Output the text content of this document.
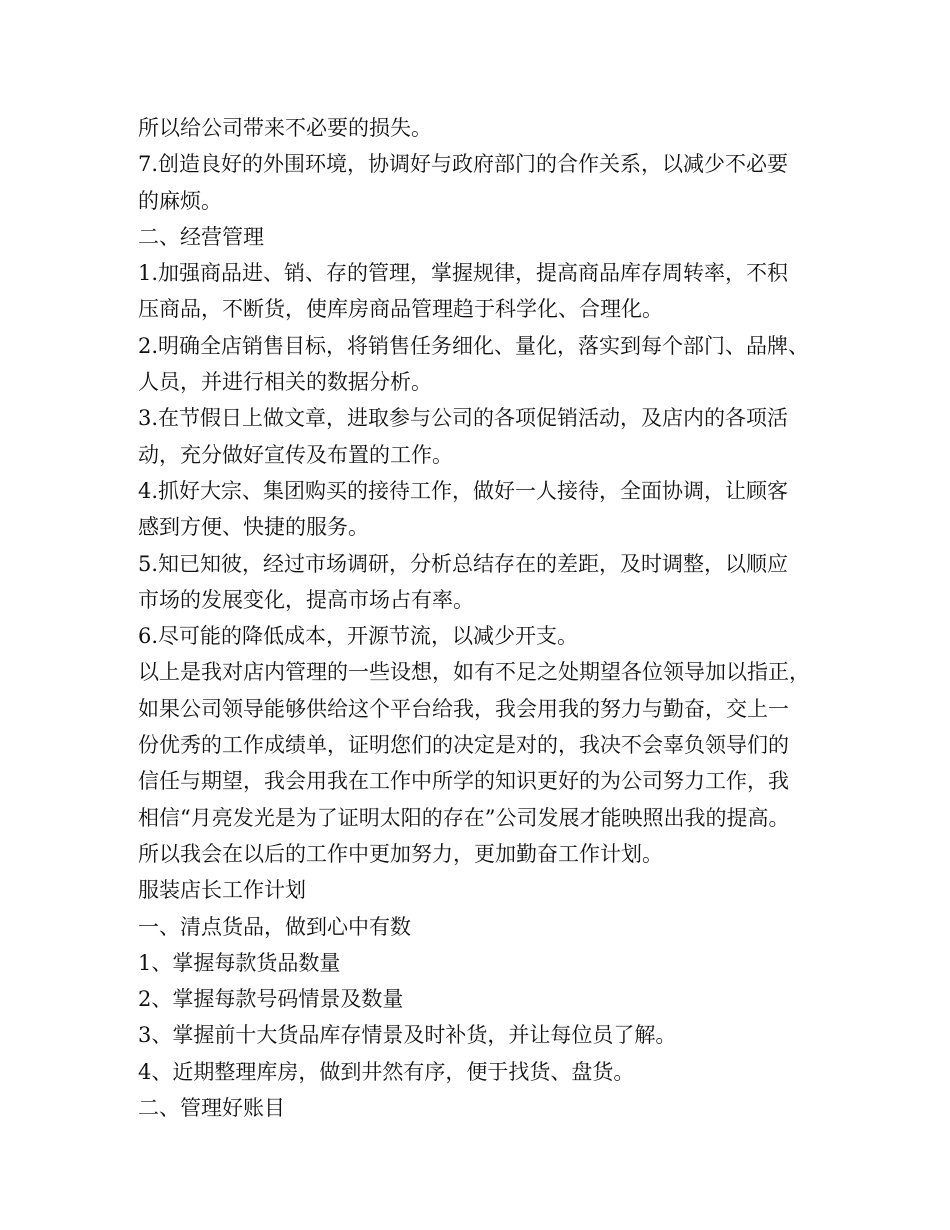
所以给公司带来不必要的损失。

7.创造良好的外围环境，协调好与政府部门的合作关系，以减少不必要

的麻烦。

二、经营管理

1.加强商品进、销、存的管理，掌握规律，提高商品库存周转率，不积

压商品，不断货，使库房商品管理趋于科学化、合理化。

2.明确全店销售目标，将销售任务细化、量化，落实到每个部门、品牌、

人员，并进行相关的数据分析。

3.在节假日上做文章，进取参与公司的各项促销活动，及店内的各项活

动，充分做好宣传及布置的工作。

4.抓好大宗、集团购买的接待工作，做好一人接待，全面协调，让顾客

感到方便、快捷的服务。

5.知已知彼，经过市场调研，分析总结存在的差距，及时调整，以顺应

市场的发展变化，提高市场占有率。

6.尽可能的降低成本，开源节流，以减少开支。

以上是我对店内管理的一些设想，如有不足之处期望各位领导加以指正，

如果公司领导能够供给这个平台给我，我会用我的努力与勤奋，交上一

份优秀的工作成绩单，证明您们的决定是对的，我决不会辜负领导们的

信任与期望，我会用我在工作中所学的知识更好的为公司努力工作，我

相信“月亮发光是为了证明太阳的存在”公司发展才能映照出我的提高。

所以我会在以后的工作中更加努力，更加勤奋工作计划。

服装店长工作计划

一、清点货品，做到心中有数

1、掌握每款货品数量

2、掌握每款号码情景及数量

3、掌握前十大货品库存情景及时补货，并让每位员了解。

4、近期整理库房，做到井然有序，便于找货、盘货。

二、管理好账目
